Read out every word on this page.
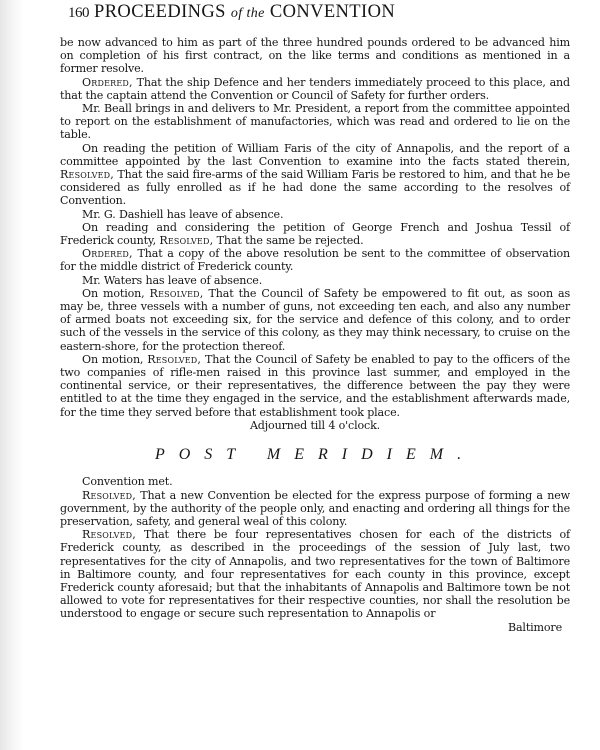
160 PROCEEDINGS of the CONVENTION

be now advanced to him as part of the three hundred pounds ordered to be advanced him on completion of his first contract, on the like terms and conditions as mentioned in a former resolve.

Ordered, That the ship Defence and her tenders immediately proceed to this place, and that the captain attend the Convention or Council of Safety for further orders.

Mr. Beall brings in and delivers to Mr. President, a report from the committee appointed to report on the establishment of manufactories, which was read and ordered to lie on the table.

On reading the petition of William Faris of the city of Annapolis, and the report of a committee appointed by the last Convention to examine into the facts stated therein, Resolved, That the said fire-arms of the said William Faris be restored to him, and that he be considered as fully enrolled as if he had done the same according to the resolves of Convention.

Mr. G. Dashiell has leave of absence.

On reading and considering the petition of George French and Joshua Tessil of Frederick county, Resolved, That the same be rejected.

Ordered, That a copy of the above resolution be sent to the committee of observation for the middle district of Frederick county.

Mr. Waters has leave of absence.

On motion, Resolved, That the Council of Safety be empowered to fit out, as soon as may be, three vessels with a number of guns, not exceeding ten each, and also any number of armed boats not exceeding six, for the service and defence of this colony, and to order such of the vessels in the service of this colony, as they may think necessary, to cruise on the eastern-shore, for the protection thereof.

On motion, Resolved, That the Council of Safety be enabled to pay to the officers of the two companies of rifle-men raised in this province last summer, and employed in the continental service, or their representatives, the difference between the pay they were entitled to at the time they engaged in the service, and the establishment afterwards made, for the time they served before that establishment took place.

Adjourned till 4 o'clock.

POST MERIDIEM.

Convention met.

Resolved, That a new Convention be elected for the express purpose of forming a new government, by the authority of the people only, and enacting and ordering all things for the preservation, safety, and general weal of this colony.

Resolved, That there be four representatives chosen for each of the districts of Frederick county, as described in the proceedings of the session of July last, two representatives for the city of Annapolis, and two representatives for the town of Baltimore in Baltimore county, and four representatives for each county in this province, except Frederick county aforesaid; but that the inhabitants of Annapolis and Baltimore town be not allowed to vote for representatives for their respective counties, nor shall the resolution be understood to engage or secure such representation to Annapolis or

Baltimore
